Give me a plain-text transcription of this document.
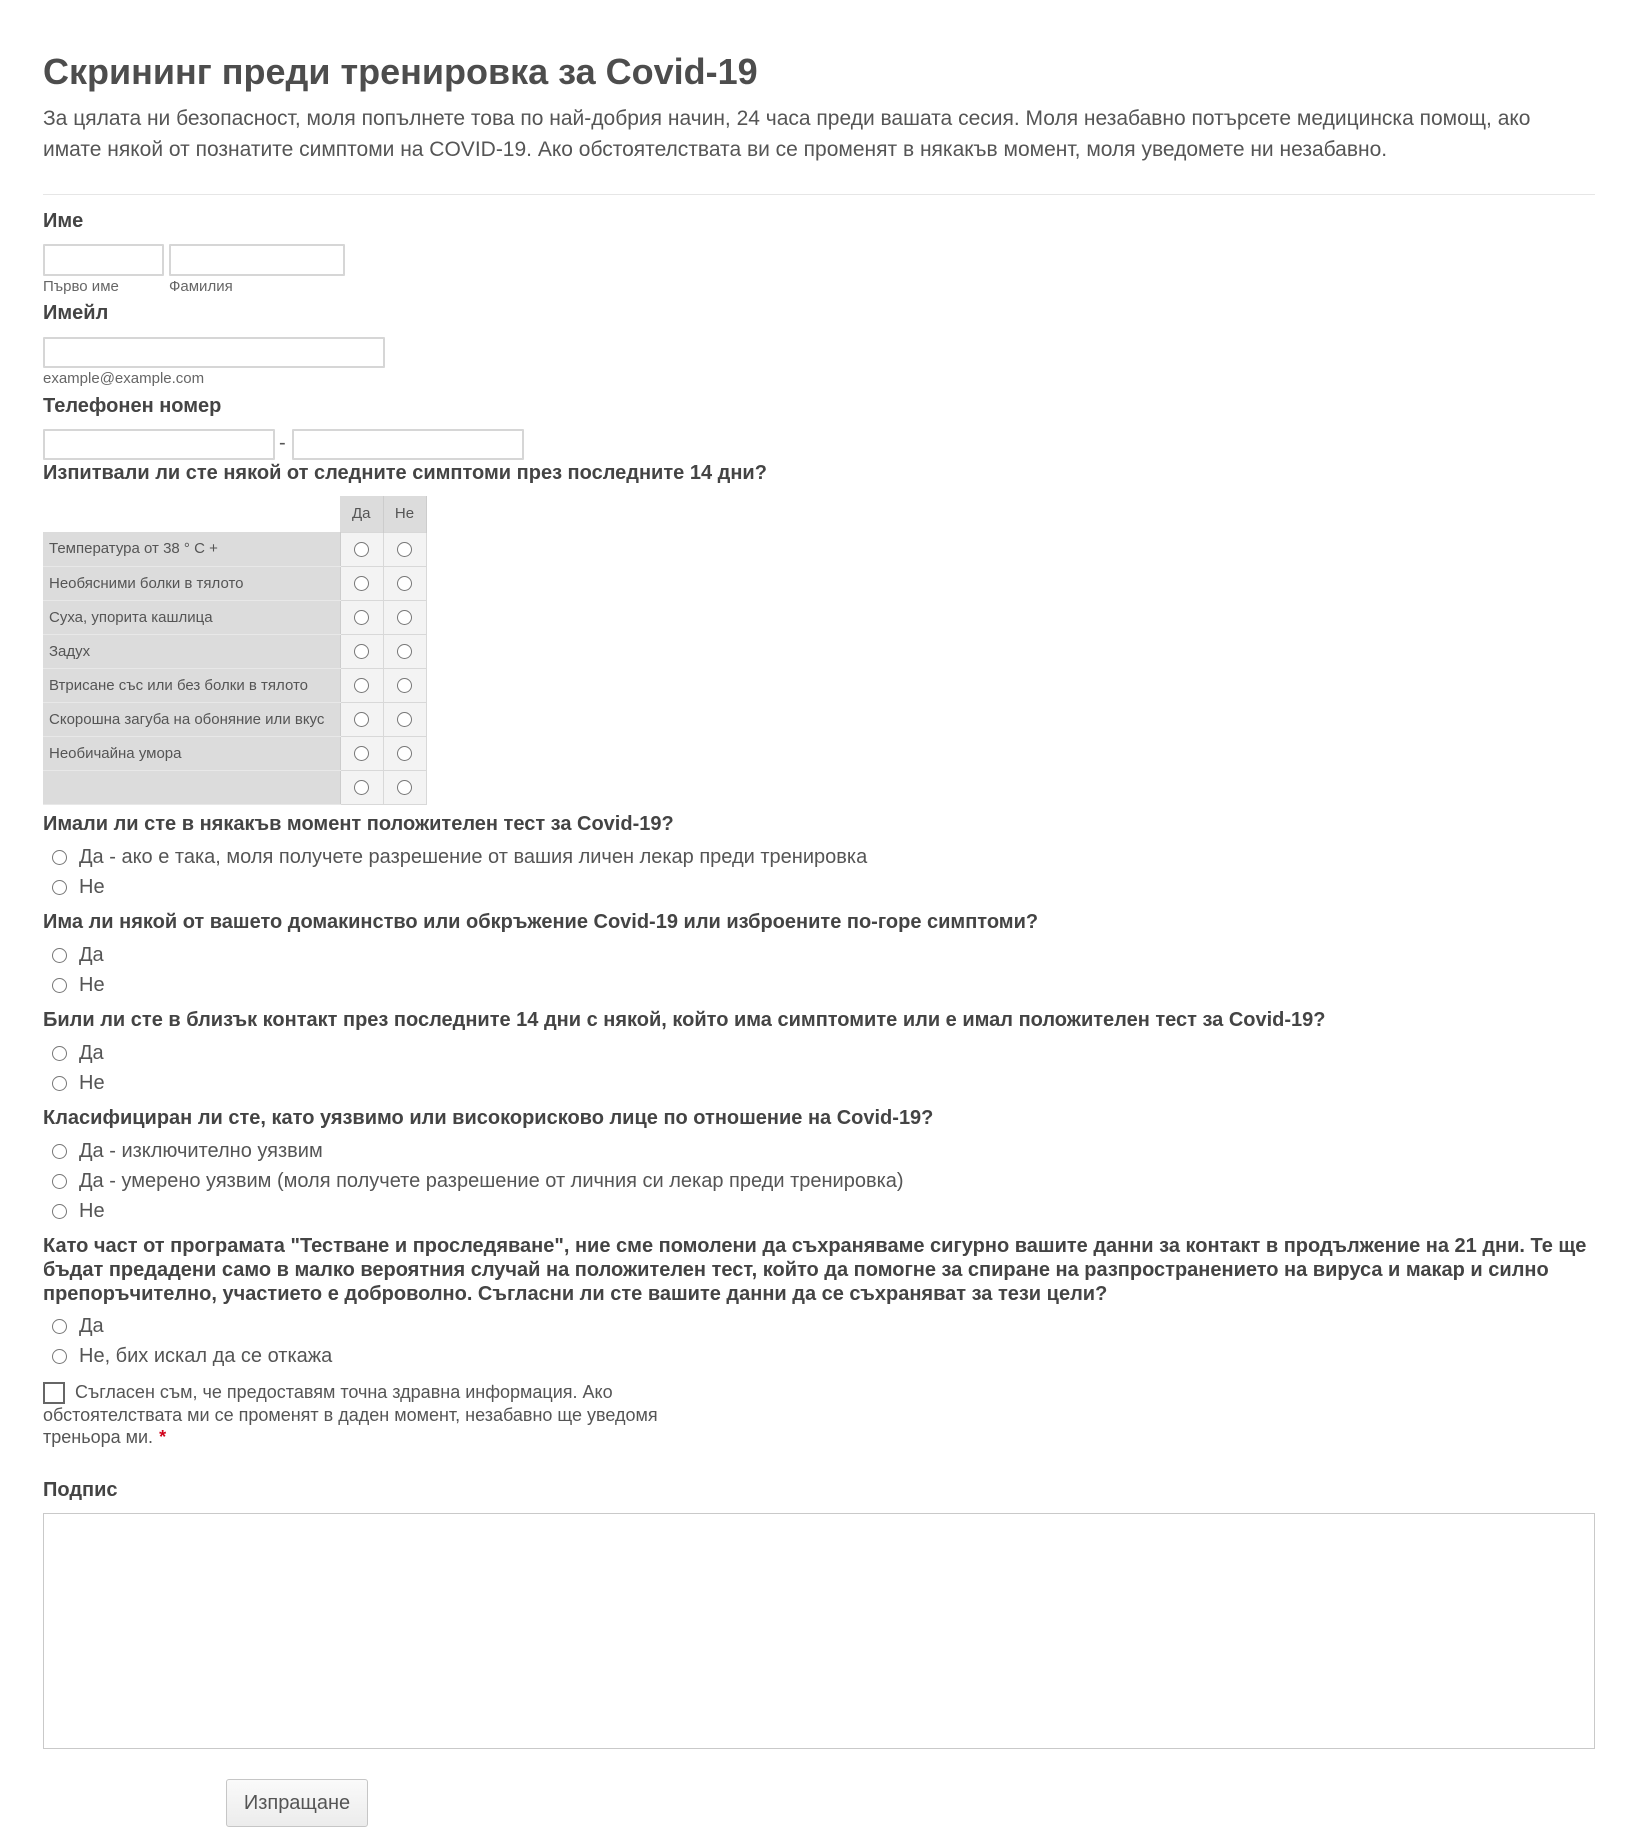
Скрининг преди тренировка за Covid-19

За цялата ни безопасност, моля попълнете това по най-добрия начин, 24 часа преди вашата сесия. Моля незабавно потърсете медицинска помощ, ако имате някой от познатите симптоми на COVID-19. Ако обстоятелствата ви се променят в някакъв момент, моля уведомете ни незабавно.

Име
Първо име	Фамилия
Имейл
example@example.com
Телефонен номер
-
Изпитвали ли сте някой от следните симптоми през последните 14 дни?
	Да	Не
Температура от 38 ° C +		
Необясними болки в тялото		
Суха, упорита кашлица		
Задух		
Втрисане със или без болки в тялото		
Скорошна загуба на обоняние или вкус		
Необичайна умора		

Имали ли сте в някакъв момент положителен тест за Covid-19?
Да - ако е така, моля получете разрешение от вашия личен лекар преди тренировка
Не
Има ли някой от вашето домакинство или обкръжение Covid-19 или изброените по-горе симптоми?
Да
Не
Били ли сте в близък контакт през последните 14 дни с някой, който има симптомите или е имал положителен тест за Covid-19?
Да
Не
Класифициран ли сте, като уязвимо или високорисково лице по отношение на Covid-19?
Да - изключително уязвим
Да - умерено уязвим (моля получете разрешение от личния си лекар преди тренировка)
Не
Като част от програмата "Тестване и проследяване", ние сме помолени да съхраняваме сигурно вашите данни за контакт в продължение на 21 дни. Те ще бъдат предадени само в малко вероятния случай на положителен тест, който да помогне за спиране на разпространението на вируса и макар и силно препоръчително, участието е доброволно. Съгласни ли сте вашите данни да се съхраняват за тези цели?
Да
Не, бих искал да се откажа
Съгласен съм, че предоставям точна здравна информация. Ако обстоятелствата ми се променят в даден момент, незабавно ще уведомя треньора ми. *
Подпис
Изпращане
